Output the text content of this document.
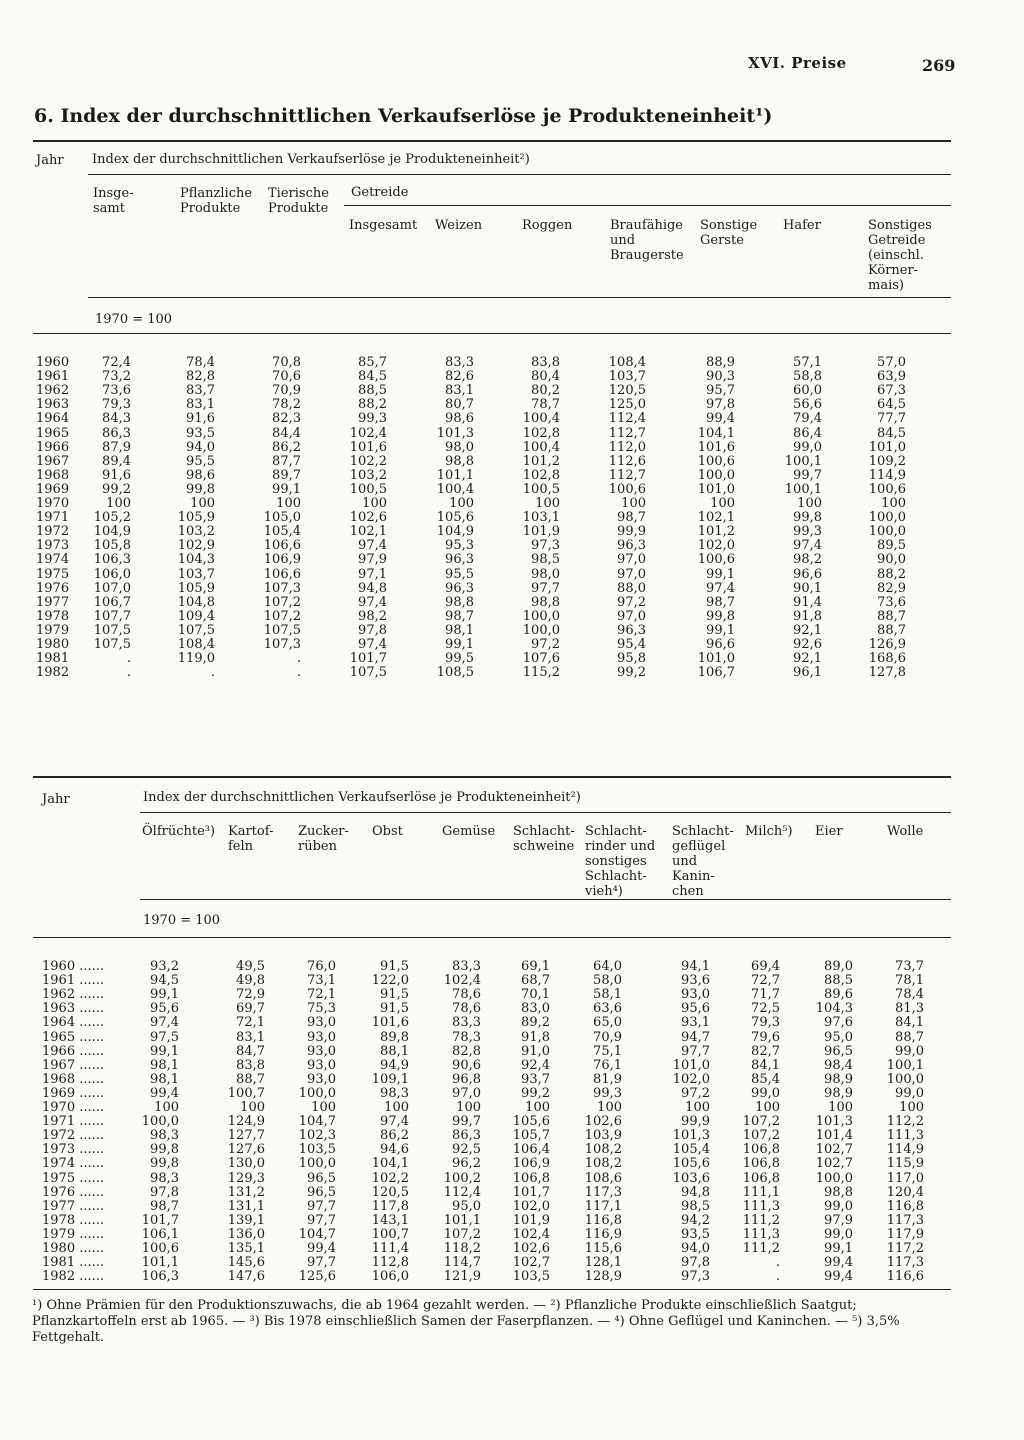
XVI. Preise	269
6. Index der durchschnittlichen Verkaufserlöse je Produkteneinheit¹)
Jahr Index der durchschnittlichen Verkaufserlöse je Produkteneinheit²)
Getreide
Insge-
samt
Pflanzliche
Produkte
Tierische
Produkte
Insgesamt Weizen	Roggen	Braufähige
und
Braugerste
Sonstige
Gerste
Hafer	Sonstiges
Getreide
(einschl.
Körner-
mais)
1970 = 100
1960	72,4	78,4	70,8	85,7	83,3	83,8	108,4	88,9	57,1	57,0
1961	73,2	82,8	70,6	84,5	82,6	80,4	103,7	90,3	58,8	63,9
1962	73,6	83,7	70,9	88,5	83,1	80,2	120,5	95,7	60,0	67,3
1963	79,3	83,1	78,2	88,2	80,7	78,7	125,0	97,8	56,6	64,5
1964	84,3	91,6	82,3	99,3	98,6	100,4	112,4	99,4	79,4	77,7
1965	86,3	93,5	84,4	102,4	101,3	102,8	112,7	104,1	86,4	84,5
1966	87,9	94,0	86,2	101,6	98,0	100,4	112,0	101,6	99,0	101,0
1967	89,4	95,5	87,7	102,2	98,8	101,2	112,6	100,6	100,1	109,2
1968	91,6	98,6	89,7	103,2	101,1	102,8	112,7	100,0	99,7	114,9
1969	99,2	99,8	99,1	100,5	100,4	100,5	100,6	101,0	100,1	100,6
1970	100	100	100	100	100	100	100	100	100	100
1971 105,2	105,9	105,0	102,6	105,6	103,1	98,7	102,1	99,8	100,0
1972 104,9	103,2	105,4	102,1	104,9	101,9	99,9	101,2	99,3	100,0
1973 105,8	102,9	106,6	97,4	95,3	97,3	96,3	102,0	97,4	89,5
1974 106,3	104,3	106,9	97,9	96,3	98,5	97,0	100,6	98,2	90,0
1975 106,0	103,7	106,6	97,1	95,5	98,0	97,0	99,1	96,6	88,2
1976 107,0	105,9	107,3	94,8	96,3	97,7	88,0	97,4	90,1	82,9
1977 106,7	104,8	107,2	97,4	98,8	98,8	97,2	98,7	91,4	73,6
1978 107,7	109,4	107,2	98,2	98,7	100,0	97,0	99,8	91,8	88,7
1979 107,5	107,5	107,5	97,8	98,1	100,0	96,3	99,1	92,1	88,7
1980 107,5	108,4	107,3	97,4	99,1	97,2	95,4	96,6	92,6	126,9
1981	.	119,0	.	101,7	99,5	107,6	95,8	101,0	92,1	168,6
1982	.	.	.	107,5	108,5	115,2	99,2	106,7	96,1	127,8
Jahr	Index der durchschnittlichen Verkaufserlöse je Produkteneinheit²)
Ölfrüchte³) Kartof-
feln
Zucker-
rüben
Obst	Gemüse Schlacht-
schweine
Schlacht-
rinder und
sonstiges
Schlacht-
vieh⁴)
Schlacht-
geflügel
und
Kanin-
chen
Milch⁵) Eier	Wolle
1970 = 100
1960 ......	93,2	49,5	76,0	91,5	83,3	69,1	64,0	94,1	69,4	89,0	73,7
1961 ......	94,5	49,8	73,1	122,0	102,4	68,7	58,0	93,6	72,7	88,5	78,1
1962 ......	99,1	72,9	72,1	91,5	78,6	70,1	58,1	93,0	71,7	89,6	78,4
1963 ......	95,6	69,7	75,3	91,5	78,6	83,0	63,6	95,6	72,5	104,3	81,3
1964 ......	97,4	72,1	93,0	101,6	83,3	89,2	65,0	93,1	79,3	97,6	84,1
1965 ......	97,5	83,1	93,0	89,8	78,3	91,8	70,9	94,7	79,6	95,0	88,7
1966 ......	99,1	84,7	93,0	88,1	82,8	91,0	75,1	97,7	82,7	96,5	99,0
1967 ......	98,1	83,8	93,0	94,9	90,6	92,4	76,1	101,0	84,1	98,4	100,1
1968 ......	98,1	88,7	93,0	109,1	96,8	93,7	81,9	102,0	85,4	98,9	100,0
1969 ......	99,4	100,7	100,0	98,3	97,0	99,2	99,3	97,2	99,0	98,9	99,0
1970 ......	100	100	100	100	100	100	100	100	100	100	100
1971 ......	100,0	124,9	104,7	97,4	99,7 105,6	102,6	99,9	107,2	101,3	112,2
1972 ......	98,3	127,7	102,3	86,2	86,3 105,7	103,9	101,3	107,2	101,4	111,3
1973 ......	99,8	127,6	103,5	94,6	92,5 106,4	108,2	105,4	106,8	102,7	114,9
1974 ......	99,8	130,0	100,0	104,1	96,2 106,9	108,2	105,6	106,8	102,7	115,9
1975 ......	98,3	129,3	96,5	102,2	100,2 106,8	108,6	103,6	106,8	100,0	117,0
1976 ......	97,8	131,2	96,5	120,5	112,4 101,7	117,3	94,8	111,1	98,8	120,4
1977 ......	98,7	131,1	97,7	117,8	95,0 102,0	117,1	98,5	111,3	99,0	116,8
1978 ......	101,7	139,1	97,7	143,1	101,1 101,9	116,8	94,2	111,2	97,9	117,3
1979 ......	106,1	136,0	104,7	100,7	107,2 102,4	116,9	93,5	111,3	99,0	117,9
1980 ......	100,6	135,1	99,4	111,4	118,2 102,6	115,6	94,0	111,2	99,1	117,2
1981 ......	101,1	145,6	97,7	112,8	114,7 102,7	128,1	97,8	.	99,4	117,3
1982 ......	106,3	147,6	125,6	106,0	121,9 103,5	128,9	97,3	.	99,4	116,6
¹) Ohne Prämien für den Produktionszuwachs, die ab 1964 gezahlt werden. — ²) Pflanzliche Produkte einschließlich Saatgut; Pflanzkartoffeln erst ab 1965. — ³) Bis 1978 einschließlich Samen der Faserpflanzen. — ⁴) Ohne Geflügel und Kaninchen. — ⁵) 3,5% Fettgehalt.
